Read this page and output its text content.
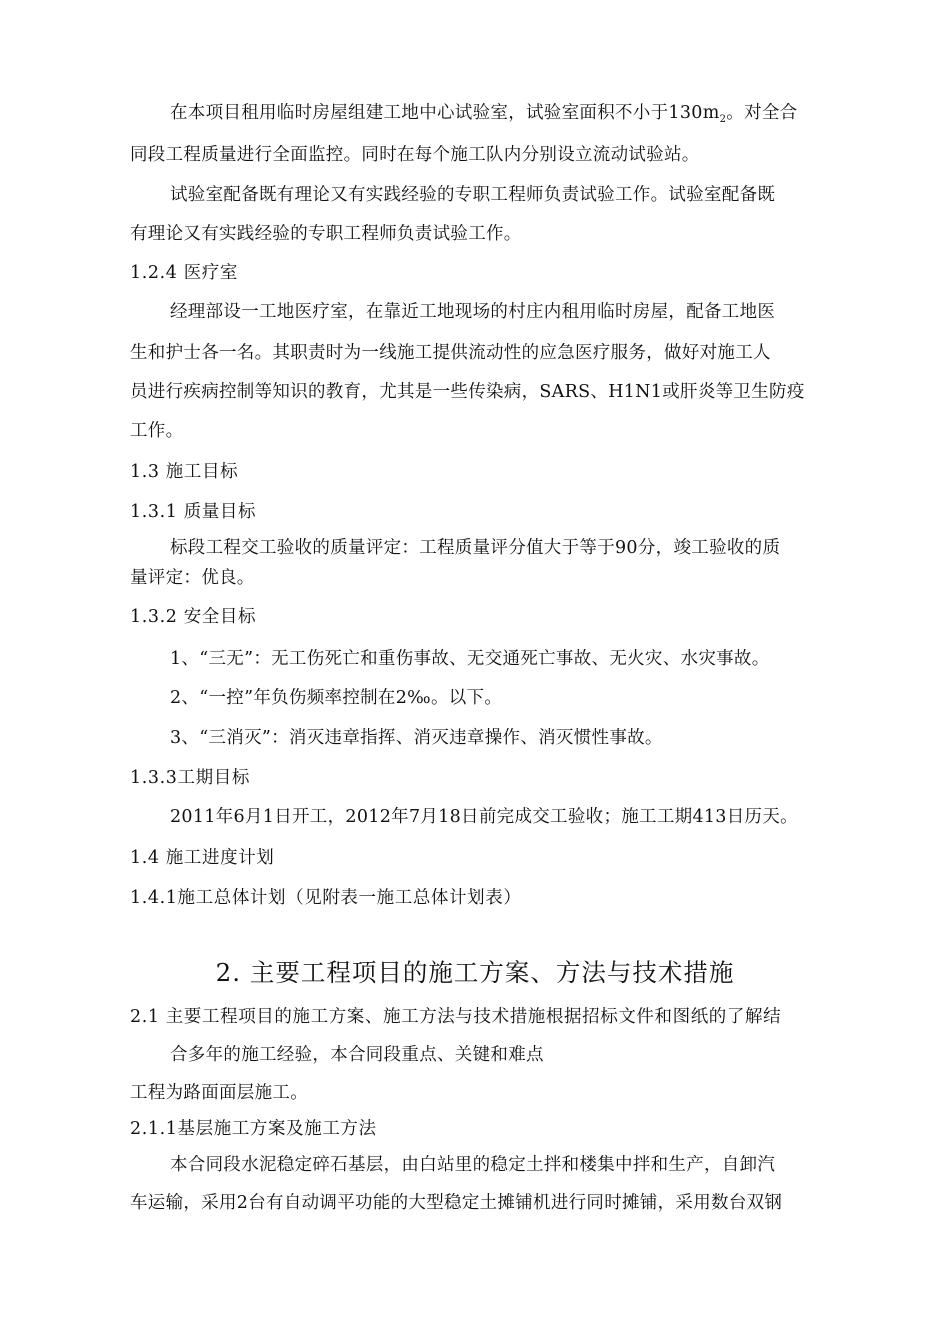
在本项目租用临时房屋组建工地中心试验室，试验室面积不小于$130m_2$。对全合
同段工程质量进行全面监控。同时在每个施工队内分别设立流动试验站。
试验室配备既有理论又有实践经验的专职工程师负责试验工作。试验室配备既
有理论又有实践经验的专职工程师负责试验工作。
1.2.4 医疗室
经理部设一工地医疗室，在靠近工地现场的村庄内租用临时房屋，配备工地医
生和护士各一名。其职责时为一线施工提供流动性的应急医疗服务，做好对施工人
员进行疾病控制等知识的教育，尤其是一些传染病，SARS、H1N1或肝炎等卫生防疫
工作。
1.3 施工目标
1.3.1 质量目标
标段工程交工验收的质量评定：工程质量评分值大于等于90分，竣工验收的质
量评定：优良。
1.3.2 安全目标
1、“三无”：无工伤死亡和重伤事故、无交通死亡事故、无火灾、水灾事故。
2、“一控”年负伤频率控制在2‰。以下。
3、“三消灭”：消灭违章指挥、消灭违章操作、消灭惯性事故。
1.3.3工期目标
2011年6月1日开工，2012年7月18日前完成交工验收；施工工期413日历天。
1.4 施工进度计划
1.4.1施工总体计划（见附表一施工总体计划表）
2. 主要工程项目的施工方案、方法与技术措施
2.1 主要工程项目的施工方案、施工方法与技术措施根据招标文件和图纸的了解结
合多年的施工经验，本合同段重点、关键和难点
工程为路面面层施工。
2.1.1基层施工方案及施工方法
本合同段水泥稳定碎石基层，由白站里的稳定土拌和楼集中拌和生产，自卸汽
车运输，采用2台有自动调平功能的大型稳定土摊铺机进行同时摊铺，采用数台双钢
